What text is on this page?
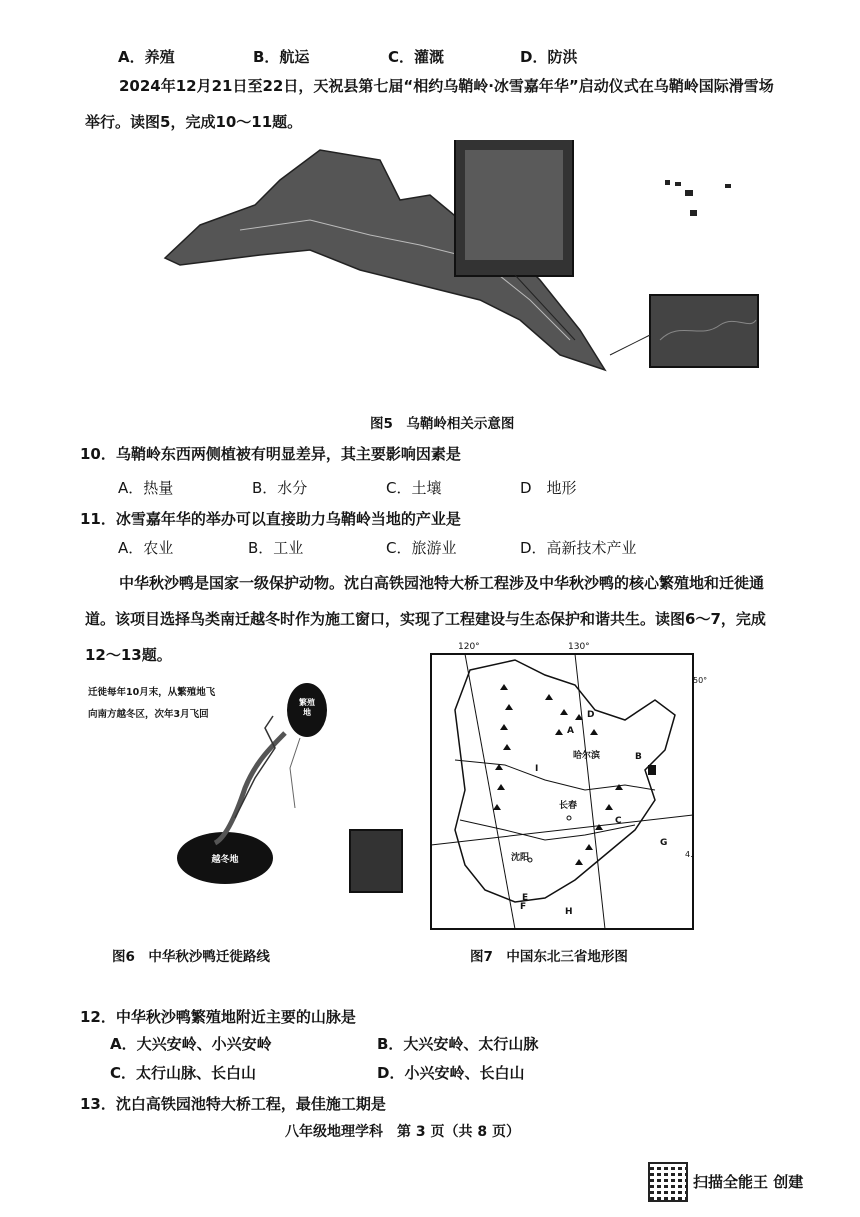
A．养殖	B．航运	C．灌溉	D．防洪
2024年12月21日至22日，天祝县第七届“相约乌鞘岭·冰雪嘉年华”启动仪式在乌鞘岭国际滑雪场举行。读图5，完成10～11题。
图5　乌鞘岭相关示意图
10．乌鞘岭东西两侧植被有明显差异，其主要影响因素是
A．热量	B．水分	C．土壤	D　地形
11．冰雪嘉年华的举办可以直接助力乌鞘岭当地的产业是
A．农业	B．工业	C．旅游业	D．高新技术产业
中华秋沙鸭是国家一级保护动物。沈白高铁园池特大桥工程涉及中华秋沙鸭的核心繁殖地和迁徙通道。该项目选择鸟类南迁越冬时作为施工窗口，实现了工程建设与生态保护和谐共生。读图6～7，完成12～13题。
迁徙每年10月末，从繁殖地飞
向南方越冬区，次年3月飞回
繁殖地
越冬地
图6　中华秋沙鸭迁徙路线
120°	130°
50°
4.
哈尔滨
长春
沈阳
A
B
C
D
E
F
G
H
I
图7　中国东北三省地形图
12．中华秋沙鸭繁殖地附近主要的山脉是
A．大兴安岭、小兴安岭	B．大兴安岭、太行山脉
C．太行山脉、长白山	D．小兴安岭、长白山
13．沈白高铁园池特大桥工程，最佳施工期是
八年级地理学科　第 3 页（共 8 页）
扫描全能王 创建
